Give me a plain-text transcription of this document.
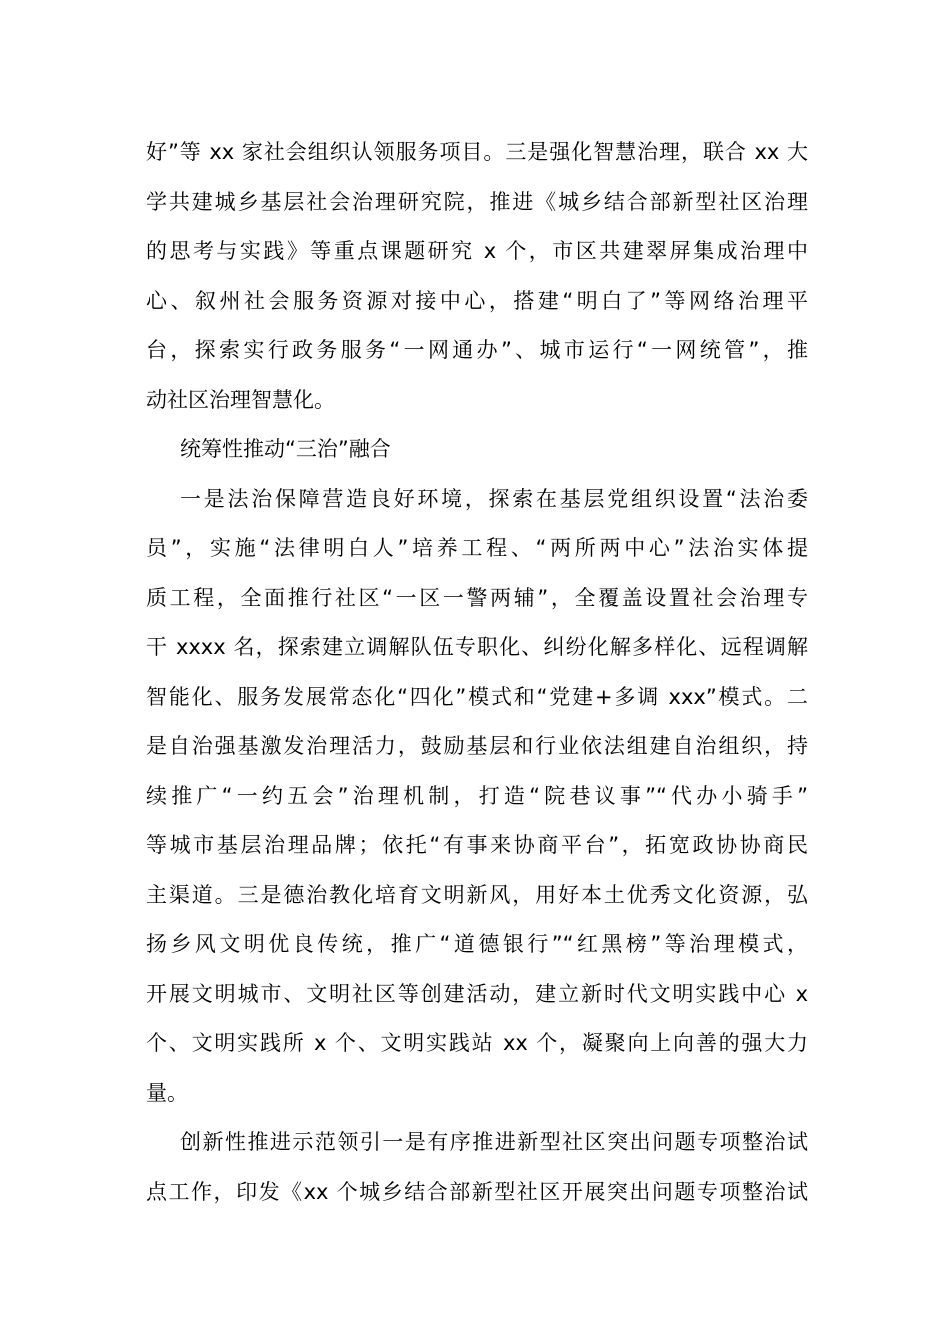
好”等 xx 家社会组织认领服务项目。三是强化智慧治理，联合 xx 大
学共建城乡基层社会治理研究院，推进《城乡结合部新型社区治理
的思考与实践》等重点课题研究 x 个，市区共建翠屏集成治理中
心、叙州社会服务资源对接中心，搭建“明白了”等网络治理平
台，探索实行政务服务“一网通办”、城市运行“一网统管”，推
动社区治理智慧化。
统筹性推动“三治”融合
一是法治保障营造良好环境，探索在基层党组织设置“法治委
员”，实施“法律明白人”培养工程、“两所两中心”法治实体提
质工程，全面推行社区“一区一警两辅”，全覆盖设置社会治理专
干 xxxx 名，探索建立调解队伍专职化、纠纷化解多样化、远程调解
智能化、服务发展常态化“四化”模式和“党建+多调 xxx”模式。二
是自治强基激发治理活力，鼓励基层和行业依法组建自治组织，持
续推广“一约五会”治理机制，打造“院巷议事”“代办小骑手”
等城市基层治理品牌；依托“有事来协商平台”，拓宽政协协商民
主渠道。三是德治教化培育文明新风，用好本土优秀文化资源，弘
扬乡风文明优良传统，推广“道德银行”“红黑榜”等治理模式，
开展文明城市、文明社区等创建活动，建立新时代文明实践中心 x
个、文明实践所 x 个、文明实践站 xx 个，凝聚向上向善的强大力
量。
创新性推进示范领引一是有序推进新型社区突出问题专项整治试
点工作，印发《xx 个城乡结合部新型社区开展突出问题专项整治试
